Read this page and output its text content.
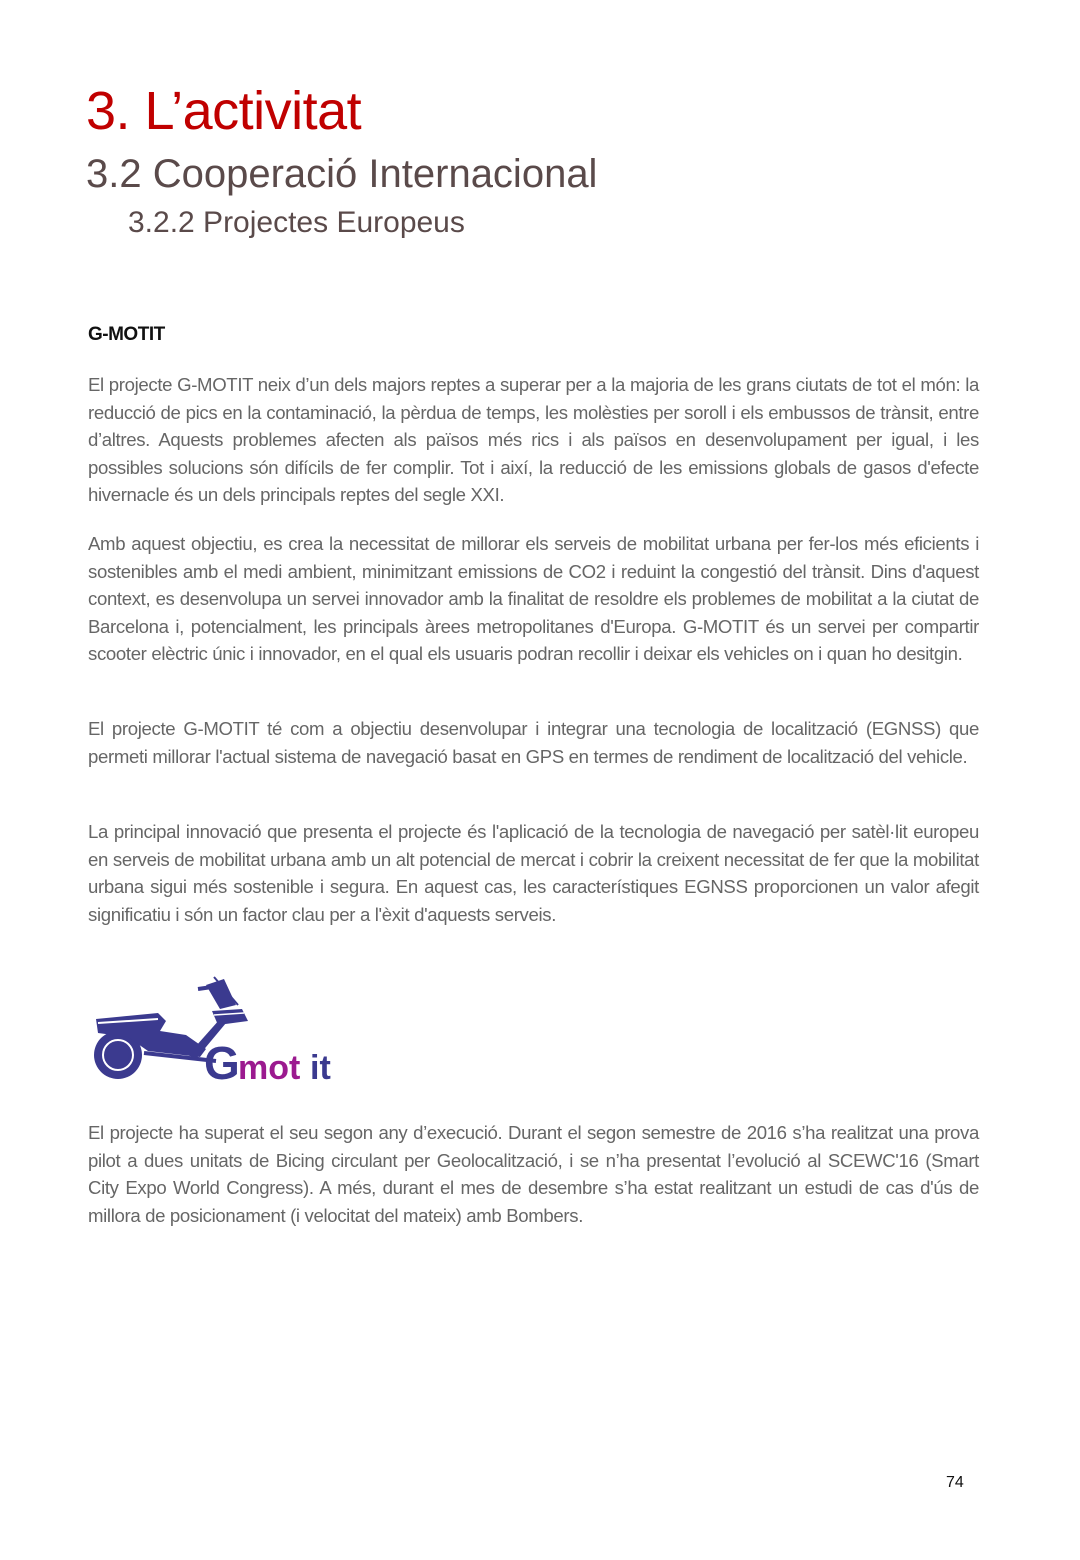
3. L’activitat
3.2 Cooperació Internacional
3.2.2 Projectes Europeus
G-MOTIT

El projecte G-MOTIT neix d’un dels majors reptes a superar per a la majoria de les grans ciutats de tot el món: la reducció de pics en la contaminació, la pèrdua de temps, les molèsties per soroll i els embussos de trànsit, entre d’altres. Aquests problemes afecten als països més rics i als països en desenvolupament per igual, i les possibles solucions són difícils de fer complir. Tot i així, la reducció de les emissions globals de gasos d'efecte hivernacle és un dels principals reptes del segle XXI.

Amb aquest objectiu, es crea la necessitat de millorar els serveis de mobilitat urbana per fer-los més eficients i sostenibles amb el medi ambient, minimitzant emissions de CO2 i reduint la congestió del trànsit. Dins d'aquest context, es desenvolupa un servei innovador amb la finalitat de resoldre els problemes de mobilitat a la ciutat de Barcelona i, potencialment, les principals àrees metropolitanes d'Europa. G-MOTIT és un servei per compartir scooter elèctric únic i innovador, en el qual els usuaris podran recollir i deixar els vehicles on i quan ho desitgin.

El projecte G-MOTIT té com a objectiu desenvolupar i integrar una tecnologia de localització (EGNSS) que permeti millorar l'actual sistema de navegació basat en GPS en termes de rendiment de localització del vehicle.

La principal innovació que presenta el projecte és l'aplicació de la tecnologia de navegació per satèl·lit europeu en serveis de mobilitat urbana amb un alt potencial de mercat i cobrir la creixent necessitat de fer que la mobilitat urbana sigui més sostenible i segura. En aquest cas, les característiques EGNSS proporcionen un valor afegit significatiu i són un factor clau per a l'èxit d'aquests serveis.

G
mot it

El projecte ha superat el seu segon any d’execució. Durant el segon semestre de 2016 s’ha realitzat una prova pilot a dues unitats de Bicing circulant per Geolocalització, i se n’ha presentat l’evolució al SCEWC'16 (Smart City Expo World Congress). A més, durant el mes de desembre s’ha estat realitzant un estudi de cas d'ús de millora de posicionament (i velocitat del mateix) amb Bombers.

74
